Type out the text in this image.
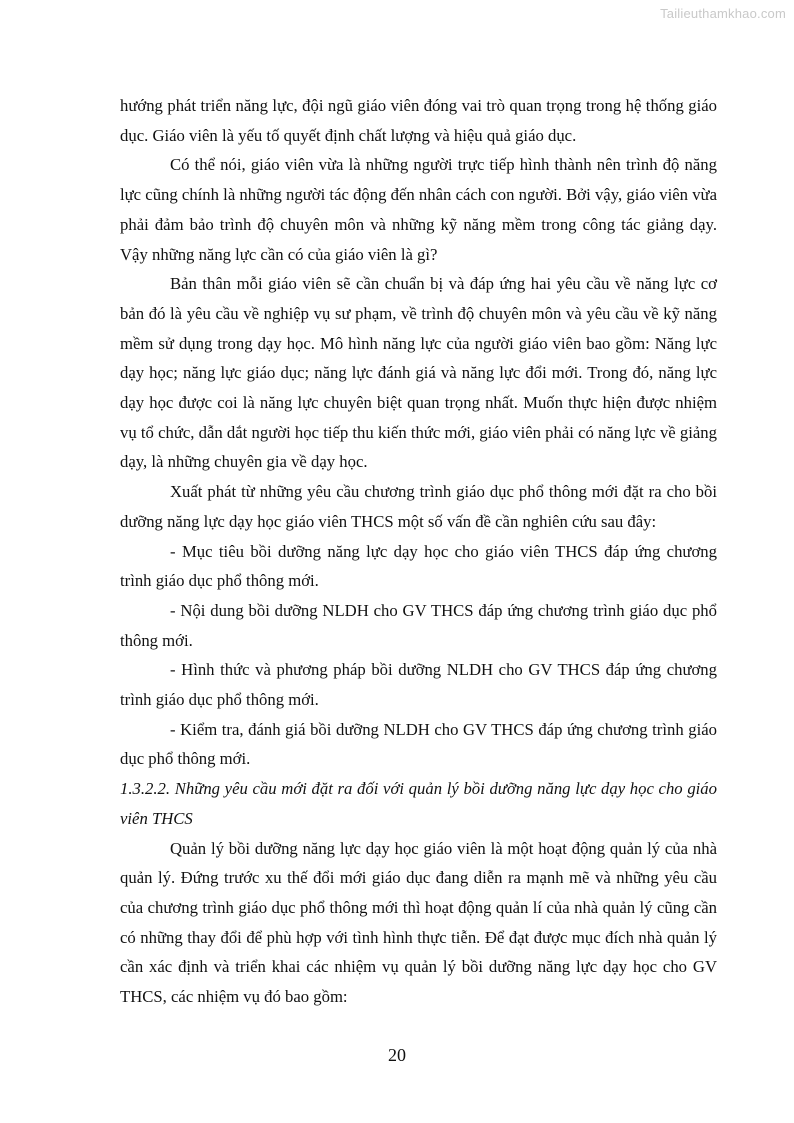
Tailieuthamkhao.com

hướng phát triển năng lực, đội ngũ giáo viên đóng vai trò quan trọng trong hệ thống giáo dục. Giáo viên là yếu tố quyết định chất lượng và hiệu quả giáo dục.

Có thể nói, giáo viên vừa là những người trực tiếp hình thành nên trình độ năng lực cũng chính là những người tác động đến nhân cách con người. Bởi vậy, giáo viên vừa phải đảm bảo trình độ chuyên môn và những kỹ năng mềm trong công tác giảng dạy. Vậy những năng lực cần có của giáo viên là gì?

Bản thân mỗi giáo viên sẽ cần chuẩn bị và đáp ứng hai yêu cầu về năng lực cơ bản đó là yêu cầu về nghiệp vụ sư phạm, về trình độ chuyên môn và yêu cầu về kỹ năng mềm sử dụng trong dạy học. Mô hình năng lực của người giáo viên bao gồm: Năng lực dạy học; năng lực giáo dục; năng lực đánh giá và năng lực đổi mới. Trong đó, năng lực dạy học được coi là năng lực chuyên biệt quan trọng nhất. Muốn thực hiện được nhiệm vụ tổ chức, dẫn dắt người học tiếp thu kiến thức mới, giáo viên phải có năng lực về giảng dạy, là những chuyên gia về dạy học.

Xuất phát từ những yêu cầu chương trình giáo dục phổ thông mới đặt ra cho bồi dưỡng năng lực dạy học giáo viên THCS một số vấn đề cần nghiên cứu sau đây:

- Mục tiêu bồi dưỡng năng lực dạy học cho giáo viên THCS đáp ứng chương trình giáo dục phổ thông mới.

- Nội dung bồi dưỡng NLDH cho GV THCS đáp ứng chương trình giáo dục phổ thông mới.

- Hình thức và phương pháp bồi dưỡng NLDH cho GV THCS đáp ứng chương trình giáo dục phổ thông mới.

- Kiểm tra, đánh giá bồi dưỡng NLDH cho GV THCS đáp ứng chương trình giáo dục phổ thông mới.

1.3.2.2. Những yêu cầu mới đặt ra đối với quản lý bồi dưỡng năng lực dạy học cho giáo viên THCS

Quản lý bồi dưỡng năng lực dạy học giáo viên là một hoạt động quản lý của nhà quản lý. Đứng trước xu thế đổi mới giáo dục đang diễn ra mạnh mẽ và những yêu cầu của chương trình giáo dục phổ thông mới thì hoạt động quản lí của nhà quản lý cũng cần có những thay đổi để phù hợp với tình hình thực tiễn. Để đạt được mục đích nhà quản lý cần xác định và triển khai các nhiệm vụ quản lý bồi dưỡng năng lực dạy học cho GV THCS, các nhiệm vụ đó bao gồm:

20
